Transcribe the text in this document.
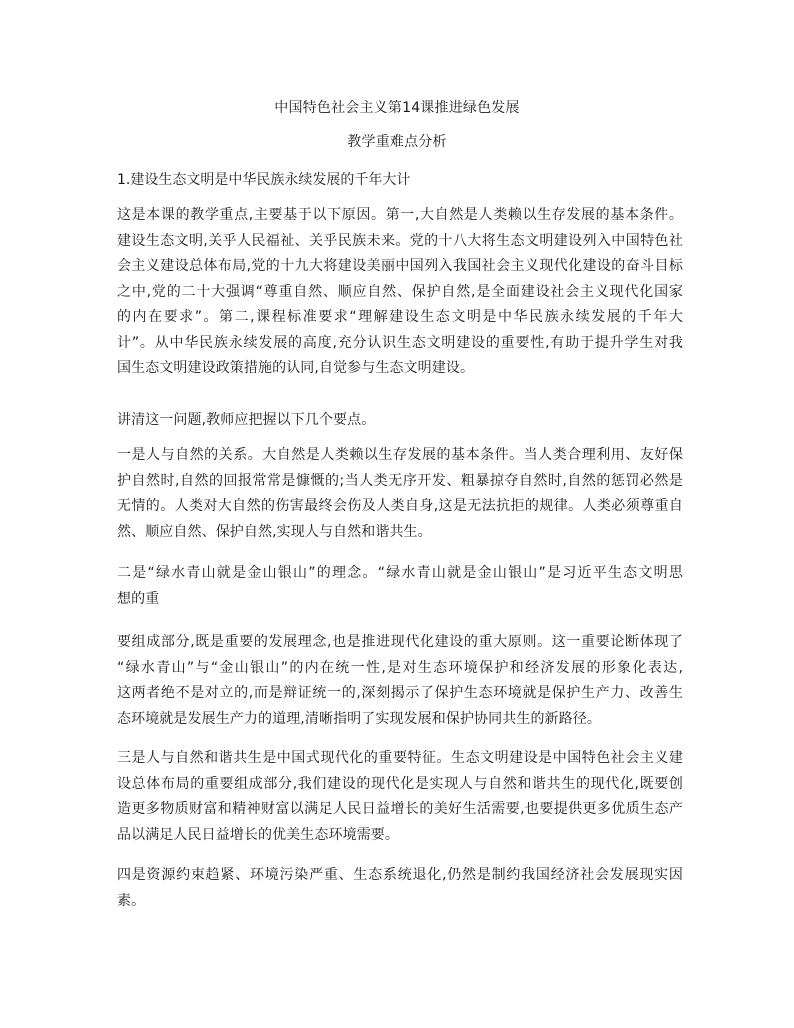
中国特色社会主义第14课推进绿色发展
教学重难点分析
1.建设生态文明是中华民族永续发展的千年大计
这是本课的教学重点,主要基于以下原因。第一,大自然是人类赖以生存发展的基本条件。
建设生态文明,关乎人民福祉、关乎民族未来。党的十八大将生态文明建设列入中国特色社
会主义建设总体布局,党的十九大将建设美丽中国列入我国社会主义现代化建设的奋斗目标
之中,党的二十大强调“尊重自然、顺应自然、保护自然,是全面建设社会主义现代化国家
的内在要求”。第二,课程标准要求“理解建设生态文明是中华民族永续发展的千年大
计”。从中华民族永续发展的高度,充分认识生态文明建设的重要性,有助于提升学生对我
国生态文明建设政策措施的认同,自觉参与生态文明建设。
讲清这一问题,教师应把握以下几个要点。
一是人与自然的关系。大自然是人类赖以生存发展的基本条件。当人类合理利用、友好保
护自然时,自然的回报常常是慷慨的;当人类无序开发、粗暴掠夺自然时,自然的惩罚必然是
无情的。人类对大自然的伤害最终会伤及人类自身,这是无法抗拒的规律。人类必须尊重自
然、顺应自然、保护自然,实现人与自然和谐共生。
二是“绿水青山就是金山银山”的理念。“绿水青山就是金山银山”是习近平生态文明思
想的重
要组成部分,既是重要的发展理念,也是推进现代化建设的重大原则。这一重要论断体现了
“绿水青山”与“金山银山”的内在统一性,是对生态环境保护和经济发展的形象化表达,
这两者绝不是对立的,而是辩证统一的,深刻揭示了保护生态环境就是保护生产力、改善生
态环境就是发展生产力的道理,清晰指明了实现发展和保护协同共生的新路径。
三是人与自然和谐共生是中国式现代化的重要特征。生态文明建设是中国特色社会主义建
设总体布局的重要组成部分,我们建设的现代化是实现人与自然和谐共生的现代化,既要创
造更多物质财富和精神财富以满足人民日益增长的美好生活需要,也要提供更多优质生态产
品以满足人民日益增长的优美生态环境需要。
四是资源约束趋紧、环境污染严重、生态系统退化,仍然是制约我国经济社会发展现实因
素。
